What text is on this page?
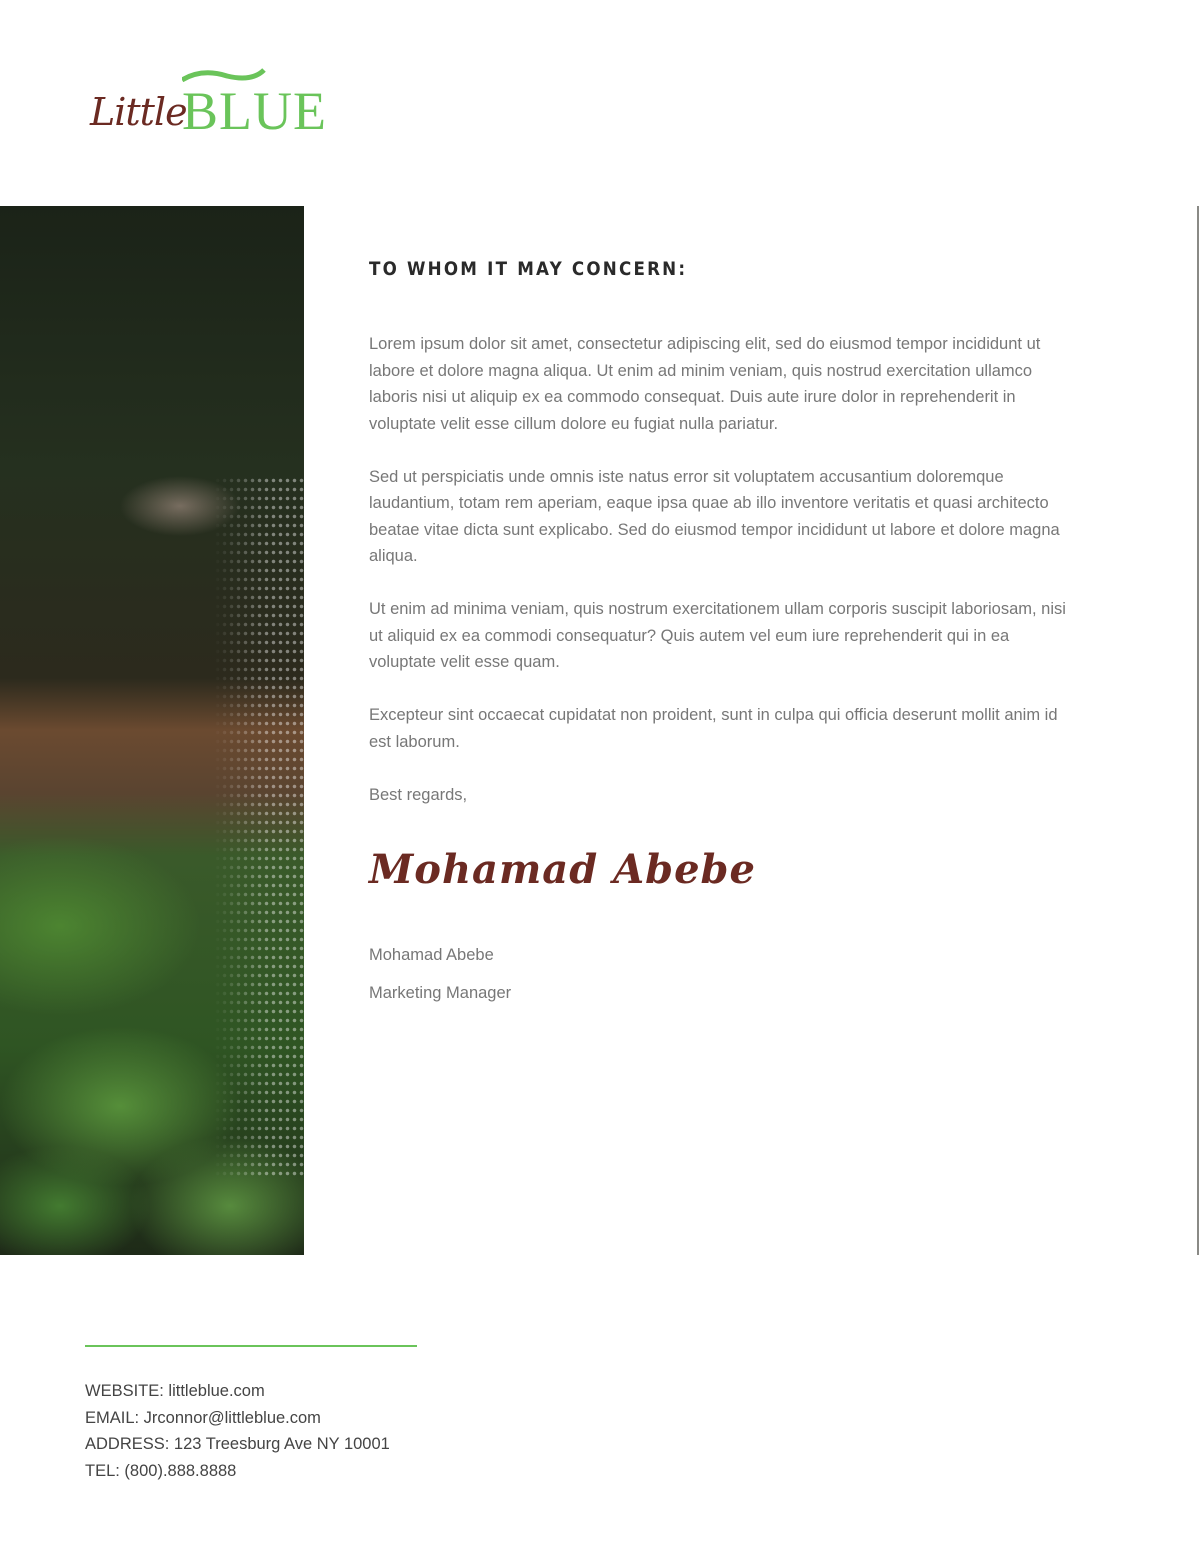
Little
BLUE
TO WHOM IT MAY CONCERN:

Lorem ipsum dolor sit amet, consectetur adipiscing elit, sed do eiusmod tempor incididunt ut labore et dolore magna aliqua. Ut enim ad minim veniam, quis nostrud exercitation ullamco laboris nisi ut aliquip ex ea commodo consequat. Duis aute irure dolor in reprehenderit in voluptate velit esse cillum dolore eu fugiat nulla pariatur.

Sed ut perspiciatis unde omnis iste natus error sit voluptatem accusantium doloremque laudantium, totam rem aperiam, eaque ipsa quae ab illo inventore veritatis et quasi architecto beatae vitae dicta sunt explicabo. Sed do eiusmod tempor incididunt ut labore et dolore magna aliqua.

Ut enim ad minima veniam, quis nostrum exercitationem ullam corporis suscipit laboriosam, nisi ut aliquid ex ea commodi consequatur? Quis autem vel eum iure reprehenderit qui in ea voluptate velit esse quam.

Excepteur sint occaecat cupidatat non proident, sunt in culpa qui officia deserunt mollit anim id est laborum.

Best regards,

Mohamad Abebe
Mohamad Abebe
Marketing Manager
WEBSITE: littleblue.com
EMAIL: Jrconnor@littleblue.com
ADDRESS: 123 Treesburg Ave NY 10001
TEL: (800).888.8888
